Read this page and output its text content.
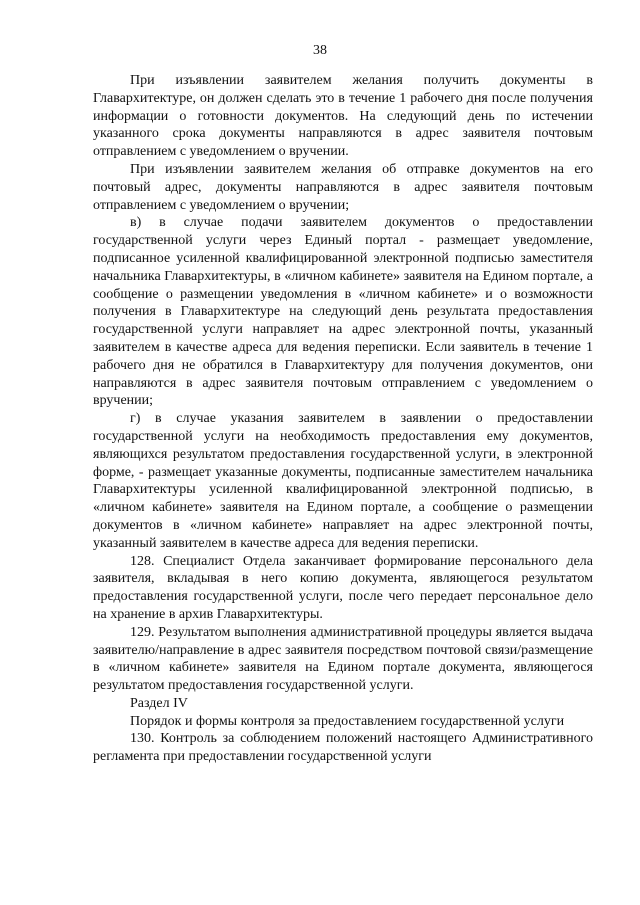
38

При изъявлении заявителем желания получить документы в Главархитектуре, он должен сделать это в течение 1 рабочего дня после получения информации о готовности документов. На следующий день по истечении указанного срока документы направляются в адрес заявителя почтовым отправлением с уведомлением о вручении.

При изъявлении заявителем желания об отправке документов на его почтовый адрес, документы направляются в адрес заявителя почтовым отправлением с уведомлением о вручении;

в) в случае подачи заявителем документов о предоставлении государственной услуги через Единый портал - размещает уведомление, подписанное усиленной квалифицированной электронной подписью заместителя начальника Главархитектуры, в «личном кабинете» заявителя на Едином портале, а сообщение о размещении уведомления в «личном кабинете» и о возможности получения в Главархитектуре на следующий день результата предоставления государственной услуги направляет на адрес электронной почты, указанный заявителем в качестве адреса для ведения переписки. Если заявитель в течение 1 рабочего дня не обратился в Главархитектуру для получения документов, они направляются в адрес заявителя почтовым отправлением с уведомлением о вручении;

г) в случае указания заявителем в заявлении о предоставлении государственной услуги на необходимость предоставления ему документов, являющихся результатом предоставления государственной услуги, в электронной форме, - размещает указанные документы, подписанные заместителем начальника Главархитектуры усиленной квалифицированной электронной подписью, в «личном кабинете» заявителя на Едином портале, а сообщение о размещении документов в «личном кабинете» направляет на адрес электронной почты, указанный заявителем в качестве адреса для ведения переписки.

128. Специалист Отдела заканчивает формирование персонального дела заявителя, вкладывая в него копию документа, являющегося результатом предоставления государственной услуги, после чего передает персональное дело на хранение в архив Главархитектуры.

129. Результатом выполнения административной процедуры является выдача заявителю/направление в адрес заявителя посредством почтовой связи/размещение в «личном кабинете» заявителя на Едином портале документа, являющегося результатом предоставления государственной услуги.

Раздел IV

Порядок и формы контроля за предоставлением государственной услуги

130. Контроль за соблюдением положений настоящего Административного регламента при предоставлении государственной услуги
